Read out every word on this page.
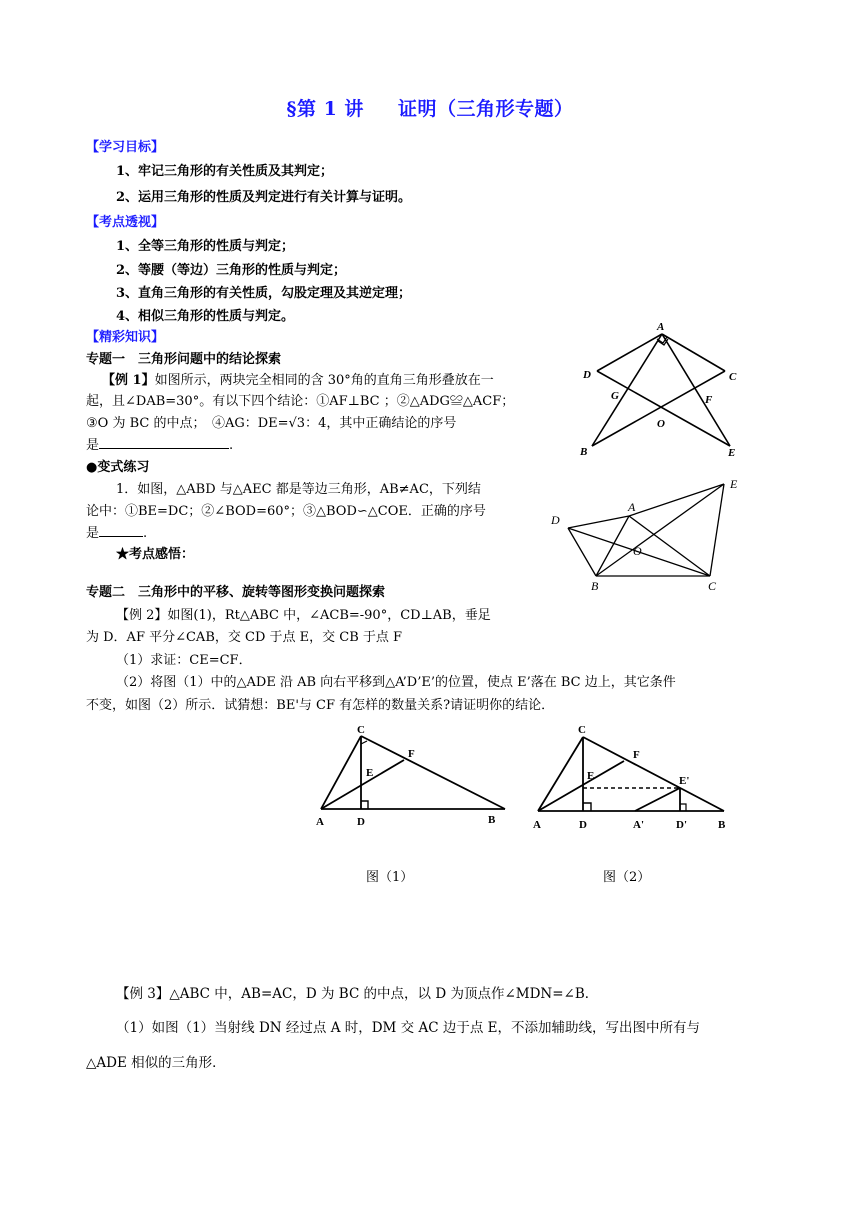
§第 1 讲 证明（三角形专题）
【学习目标】
1、牢记三角形的有关性质及其判定；
2、运用三角形的性质及判定进行有关计算与证明。
【考点透视】
1、全等三角形的性质与判定；
2、等腰（等边）三角形的性质与判定；
3、直角三角形的有关性质，勾股定理及其逆定理；
4、相似三角形的性质与判定。
【精彩知识】
专题一　三角形问题中的结论探索
【例 1】如图所示，两块完全相同的含 30°角的直角三角形叠放在一
起，且∠DAB=30°。有以下四个结论：①AF⊥BC ；②△ADG≌△ACF；
③O 为 BC 的中点；　④AG：DE=√3：4，其中正确结论的序号
是	.
●变式练习
1．如图，△ABD 与△AEC 都是等边三角形，AB≠AC，下列结
论中：①BE=DC；②∠BOD=60°；③△BOD∽△COE．正确的序号
是	.
★考点感悟：
专题二　三角形中的平移、旋转等图形变换问题探索
【例 2】如图(1)，Rt△ABC 中，∠ACB=-90°，CD⊥AB，垂足
为 D．AF 平分∠CAB，交 CD 于点 E，交 CB 于点 F
（1）求证：CE=CF．
（2）将图（1）中的△ADE 沿 AB 向右平移到△A’D’E’的位置，使点 E’落在 BC 边上，其它条件
不变，如图（2）所示．试猜想：BE'与 CF 有怎样的数量关系?请证明你的结论．
图（1）	图（2）
【例 3】△ABC 中，AB=AC，D 为 BC 的中点，以 D 为顶点作∠MDN=∠B．
（1）如图（1）当射线 DN 经过点 A 时，DM 交 AC 边于点 E，不添加辅助线，写出图中所有与
△ADE 相似的三角形．
A
D	C
G	F
O
B	E
E
D
A
O
B	C
C
F
E
A	D	B
C
F
E	E'
A	D	A'	D'	B
